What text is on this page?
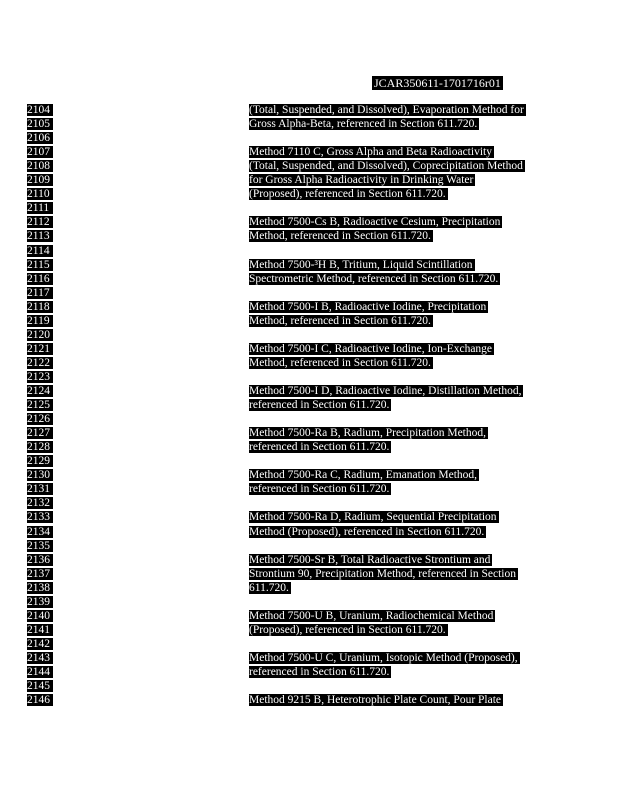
JCAR350611-1701716r01
2104	(Total, Suspended, and Dissolved), Evaporation Method for
2105	Gross Alpha-Beta, referenced in Section 611.720.
2106
2107	Method 7110 C, Gross Alpha and Beta Radioactivity
2108	(Total, Suspended, and Dissolved), Coprecipitation Method
2109	for Gross Alpha Radioactivity in Drinking Water
2110	(Proposed), referenced in Section 611.720.
2111
2112	Method 7500-Cs B, Radioactive Cesium, Precipitation
2113	Method, referenced in Section 611.720.
2114
2115	Method 7500-³H B, Tritium, Liquid Scintillation
2116	Spectrometric Method, referenced in Section 611.720.
2117
2118	Method 7500-I B, Radioactive Iodine, Precipitation
2119	Method, referenced in Section 611.720.
2120
2121	Method 7500-I C, Radioactive Iodine, Ion-Exchange
2122	Method, referenced in Section 611.720.
2123
2124	Method 7500-I D, Radioactive Iodine, Distillation Method,
2125	referenced in Section 611.720.
2126
2127	Method 7500-Ra B, Radium, Precipitation Method,
2128	referenced in Section 611.720.
2129
2130	Method 7500-Ra C, Radium, Emanation Method,
2131	referenced in Section 611.720.
2132
2133	Method 7500-Ra D, Radium, Sequential Precipitation
2134	Method (Proposed), referenced in Section 611.720.
2135
2136	Method 7500-Sr B, Total Radioactive Strontium and
2137	Strontium 90, Precipitation Method, referenced in Section
2138	611.720.
2139
2140	Method 7500-U B, Uranium, Radiochemical Method
2141	(Proposed), referenced in Section 611.720.
2142
2143	Method 7500-U C, Uranium, Isotopic Method (Proposed),
2144	referenced in Section 611.720.
2145
2146	Method 9215 B, Heterotrophic Plate Count, Pour Plate
